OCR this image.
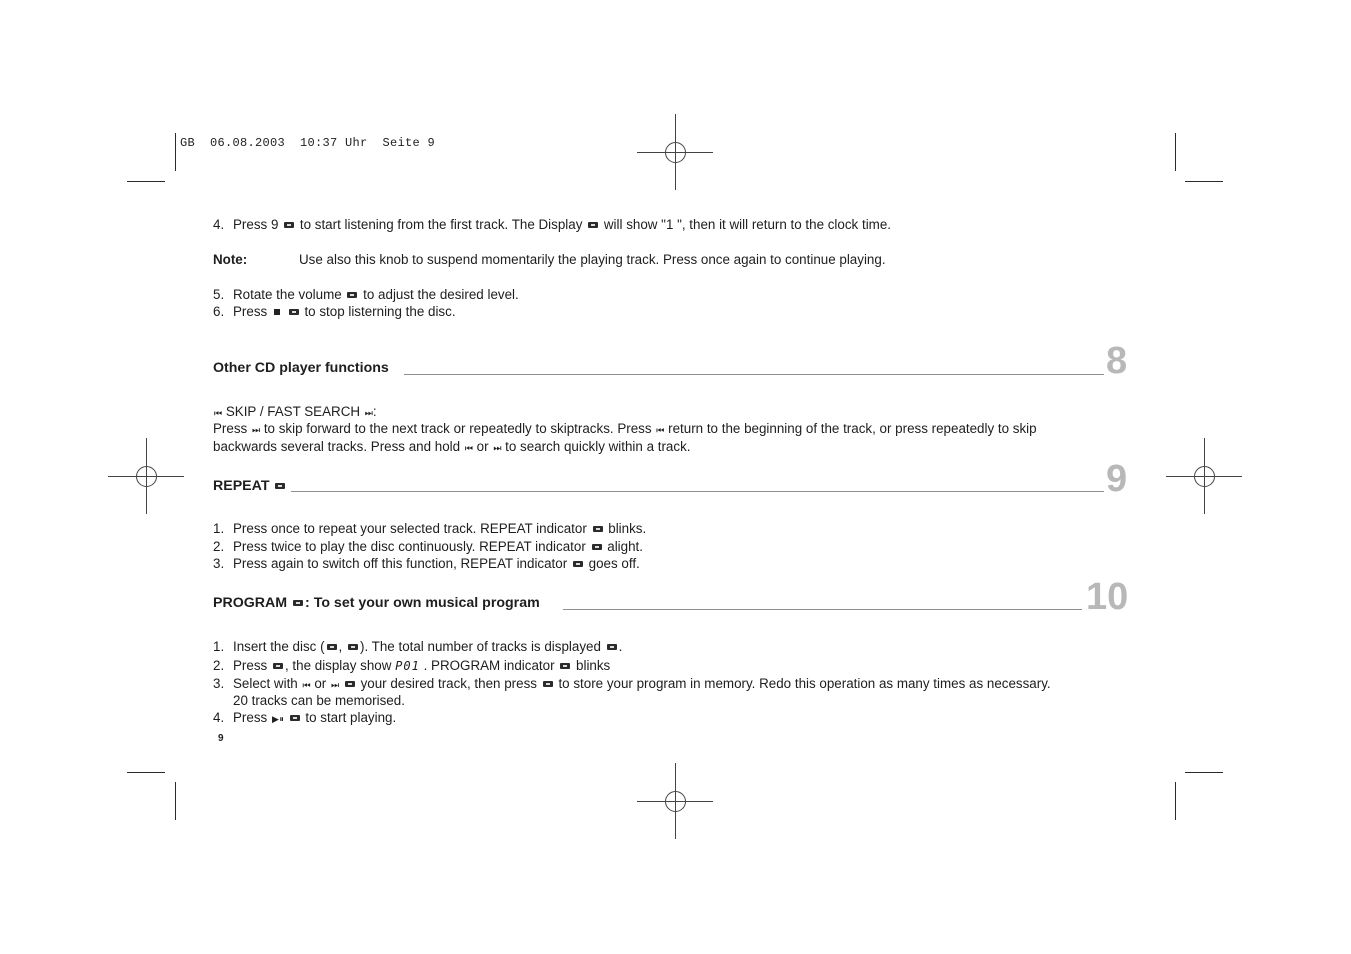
GB  06.08.2003  10:37 Uhr  Seite 9
4. Press 9 to start listening from the first track. The Display will show "1 ", then it will return to the clock time.
Note:	Use also this knob to suspend momentarily the playing track. Press once again to continue playing.
5. Rotate the volume to adjust the desired level.
6. Press	to stop listerning the disc.
Other CD player functions	8
⏮ SKIP / FAST SEARCH ⏭:
Press ⏭ to skip forward to the next track or repeatedly to skiptracks. Press ⏮ return to the beginning of the track, or press repeatedly to skip
backwards several tracks. Press and hold ⏮ or ⏭ to search quickly within a track.
REPEAT	9
1. Press once to repeat your selected track. REPEAT indicator blinks.
2. Press twice to play the disc continuously. REPEAT indicator alight.
3. Press again to switch off this function, REPEAT indicator goes off.
PROGRAM : To set your own musical program	10
1. Insert the disc ( , ). The total number of tracks is displayed .
2. Press , the display show P01 . PROGRAM indicator blinks
3. Select with ⏮ or ⏭ your desired track, then press to store your program in memory. Redo this operation as many times as necessary.
20 tracks can be memorised.
4. Press ▶ ⏸ to start playing.
9
